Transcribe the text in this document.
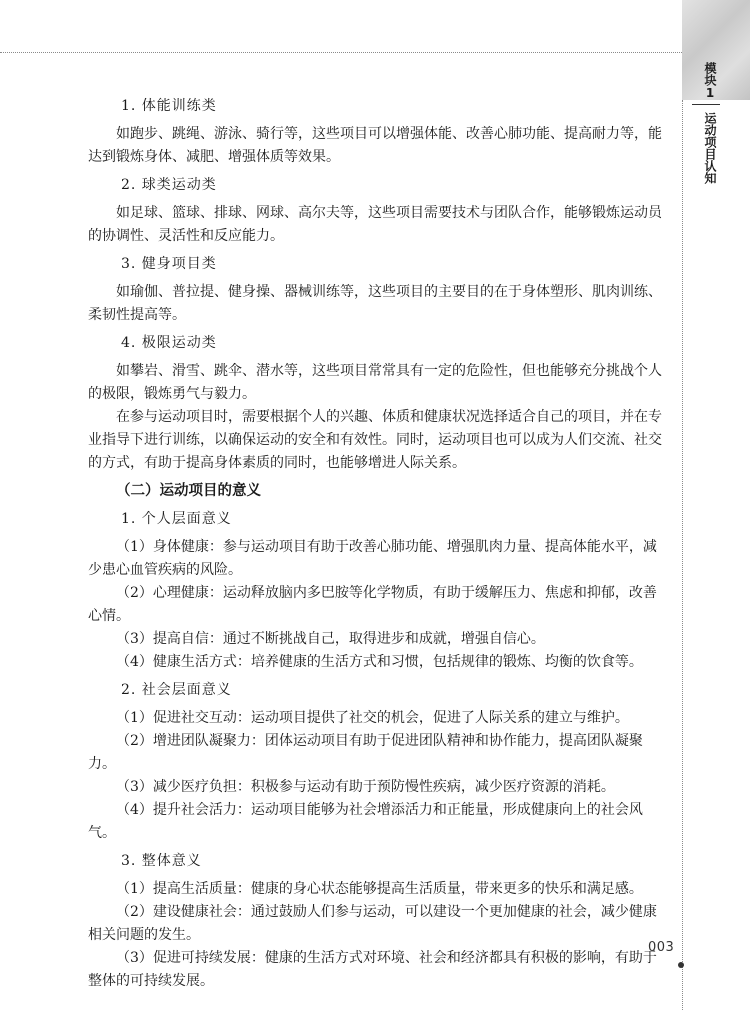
模块1
运动项目认知

1. 体能训练类

如跑步、跳绳、游泳、骑行等，这些项目可以增强体能、改善心肺功能、提高耐力等，能达到锻炼身体、减肥、增强体质等效果。

2. 球类运动类

如足球、篮球、排球、网球、高尔夫等，这些项目需要技术与团队合作，能够锻炼运动员的协调性、灵活性和反应能力。

3. 健身项目类

如瑜伽、普拉提、健身操、器械训练等，这些项目的主要目的在于身体塑形、肌肉训练、柔韧性提高等。

4. 极限运动类

如攀岩、滑雪、跳伞、潜水等，这些项目常常具有一定的危险性，但也能够充分挑战个人的极限，锻炼勇气与毅力。

在参与运动项目时，需要根据个人的兴趣、体质和健康状况选择适合自己的项目，并在专业指导下进行训练，以确保运动的安全和有效性。同时，运动项目也可以成为人们交流、社交的方式，有助于提高身体素质的同时，也能够增进人际关系。

（二）运动项目的意义

1. 个人层面意义

（1）身体健康：参与运动项目有助于改善心肺功能、增强肌肉力量、提高体能水平，减少患心血管疾病的风险。

（2）心理健康：运动释放脑内多巴胺等化学物质，有助于缓解压力、焦虑和抑郁，改善心情。

（3）提高自信：通过不断挑战自己，取得进步和成就，增强自信心。

（4）健康生活方式：培养健康的生活方式和习惯，包括规律的锻炼、均衡的饮食等。

2. 社会层面意义

（1）促进社交互动：运动项目提供了社交的机会，促进了人际关系的建立与维护。

（2）增进团队凝聚力：团体运动项目有助于促进团队精神和协作能力，提高团队凝聚力。

（3）减少医疗负担：积极参与运动有助于预防慢性疾病，减少医疗资源的消耗。

（4）提升社会活力：运动项目能够为社会增添活力和正能量，形成健康向上的社会风气。

3. 整体意义

（1）提高生活质量：健康的身心状态能够提高生活质量，带来更多的快乐和满足感。

（2）建设健康社会：通过鼓励人们参与运动，可以建设一个更加健康的社会，减少健康相关问题的发生。

（3）促进可持续发展：健康的生活方式对环境、社会和经济都具有积极的影响，有助于整体的可持续发展。

003
